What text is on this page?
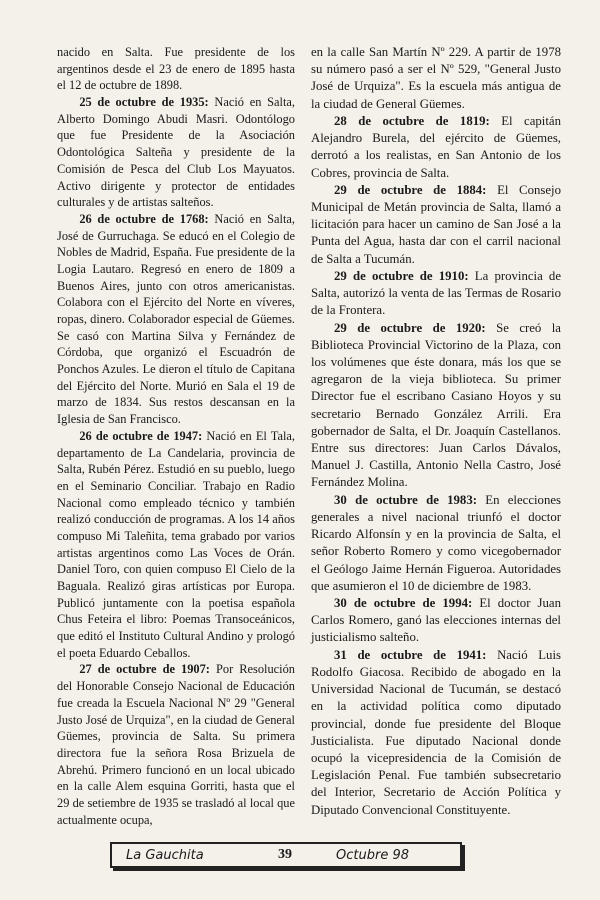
nacido en Salta. Fue presidente de los argentinos desde el 23 de enero de 1895 hasta el 12 de octubre de 1898.

25 de octubre de 1935: Nació en Salta, Alberto Domingo Abudi Masri. Odontólogo que fue Presidente de la Asociación Odontológica Salteña y presidente de la Comisión de Pesca del Club Los Mayuatos. Activo dirigente y protector de entidades culturales y de artistas salteños.

26 de octubre de 1768: Nació en Salta, José de Gurruchaga. Se educó en el Colegio de Nobles de Madrid, España. Fue presidente de la Logia Lautaro. Regresó en enero de 1809 a Buenos Aires, junto con otros americanistas. Colabora con el Ejército del Norte en víveres, ropas, dinero. Colaborador especial de Güemes. Se casó con Martina Silva y Fernández de Córdoba, que organizó el Escuadrón de Ponchos Azules. Le dieron el título de Capitana del Ejército del Norte. Murió en Sala el 19 de marzo de 1834. Sus restos descansan en la Iglesia de San Francisco.

26 de octubre de 1947: Nació en El Tala, departamento de La Candelaria, provincia de Salta, Rubén Pérez. Estudió en su pueblo, luego en el Seminario Conciliar. Trabajo en Radio Nacional como empleado técnico y también realizó conducción de programas. A los 14 años compuso Mi Taleñita, tema grabado por varios artistas argentinos como Las Voces de Orán. Daniel Toro, con quien compuso El Cielo de la Baguala. Realizó giras artísticas por Europa. Publicó juntamente con la poetisa española Chus Feteira el libro: Poemas Transoceánicos, que editó el Instituto Cultural Andino y prologó el poeta Eduardo Ceballos.

27 de octubre de 1907: Por Resolución del Honorable Consejo Nacional de Educación fue creada la Escuela Nacional Nº 29 "General Justo José de Urquiza", en la ciudad de General Güemes, provincia de Salta. Su primera directora fue la señora Rosa Brizuela de Abrehú. Primero funcionó en un local ubicado en la calle Alem esquina Gorriti, hasta que el 29 de setiembre de 1935 se trasladó al local que actualmente ocupa,

en la calle San Martín Nº 229. A partir de 1978 su número pasó a ser el Nº 529, "General Justo José de Urquiza". Es la escuela más antigua de la ciudad de General Güemes.

28 de octubre de 1819: El capitán Alejandro Burela, del ejército de Güemes, derrotó a los realistas, en San Antonio de los Cobres, provincia de Salta.

29 de octubre de 1884: El Consejo Municipal de Metán provincia de Salta, llamó a licitación para hacer un camino de San José a la Punta del Agua, hasta dar con el carril nacional de Salta a Tucumán.

29 de octubre de 1910: La provincia de Salta, autorizó la venta de las Termas de Rosario de la Frontera.

29 de octubre de 1920: Se creó la Biblioteca Provincial Victorino de la Plaza, con los volúmenes que éste donara, más los que se agregaron de la vieja biblioteca. Su primer Director fue el escribano Casiano Hoyos y su secretario Bernado González Arrili. Era gobernador de Salta, el Dr. Joaquín Castellanos. Entre sus directores: Juan Carlos Dávalos, Manuel J. Castilla, Antonio Nella Castro, José Fernández Molina.

30 de octubre de 1983: En elecciones generales a nivel nacional triunfó el doctor Ricardo Alfonsín y en la provincia de Salta, el señor Roberto Romero y como vicegobernador el Geólogo Jaime Hernán Figueroa. Autoridades que asumieron el 10 de diciembre de 1983.

30 de octubre de 1994: El doctor Juan Carlos Romero, ganó las elecciones internas del justicialismo salteño.

31 de octubre de 1941: Nació Luis Rodolfo Giacosa. Recibido de abogado en la Universidad Nacional de Tucumán, se destacó en la actividad política como diputado provincial, donde fue presidente del Bloque Justicialista. Fue diputado Nacional donde ocupó la vicepresidencia de la Comisión de Legislación Penal. Fue también subsecretario del Interior, Secretario de Acción Política y Diputado Convencional Constituyente.

La Gauchita	39	Octubre 98
